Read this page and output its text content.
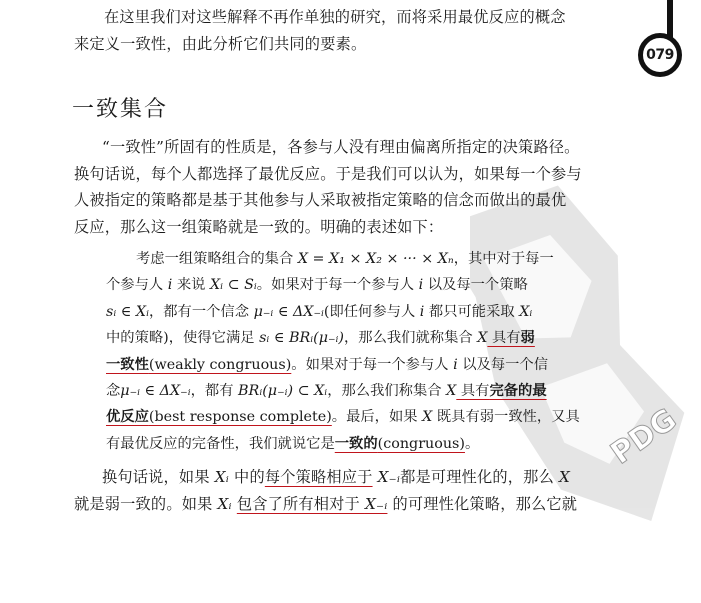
079
PDG

在这里我们对这些解释不再作单独的研究，而将采用最优反应的概念
来定义一致性，由此分析它们共同的要素。

一致集合

“一致性”所固有的性质是，各参与人没有理由偏离所指定的决策路径。
换句话说，每个人都选择了最优反应。于是我们可以认为，如果每一个参与
人被指定的策略都是基于其他参与人采取被指定策略的信念而做出的最优
反应，那么这一组策略就是一致的。明确的表述如下：

考虑一组策略组合的集合 X = X₁ × X₂ × ··· × Xₙ，其中对于每一
个参与人 i 来说 Xᵢ ⊂ Sᵢ。如果对于每一个参与人 i 以及每一个策略
sᵢ ∈ Xᵢ，都有一个信念 μ₋ᵢ ∈ ΔX₋ᵢ(即任何参与人 i 都只可能采取 Xᵢ
中的策略)，使得它满足 sᵢ ∈ BRᵢ(μ₋ᵢ)，那么我们就称集合 X 具有弱
一致性(weakly congruous)。如果对于每一个参与人 i 以及每一个信
念μ₋ᵢ ∈ ΔX₋ᵢ，都有 BRᵢ(μ₋ᵢ) ⊂ Xᵢ，那么我们称集合 X 具有完备的最
优反应(best response complete)。最后，如果 X 既具有弱一致性，又具
有最优反应的完备性，我们就说它是一致的(congruous)。

换句话说，如果 Xᵢ 中的每个策略相应于 X₋ᵢ都是可理性化的，那么 X
就是弱一致的。如果 Xᵢ 包含了所有相对于 X₋ᵢ 的可理性化策略，那么它就
